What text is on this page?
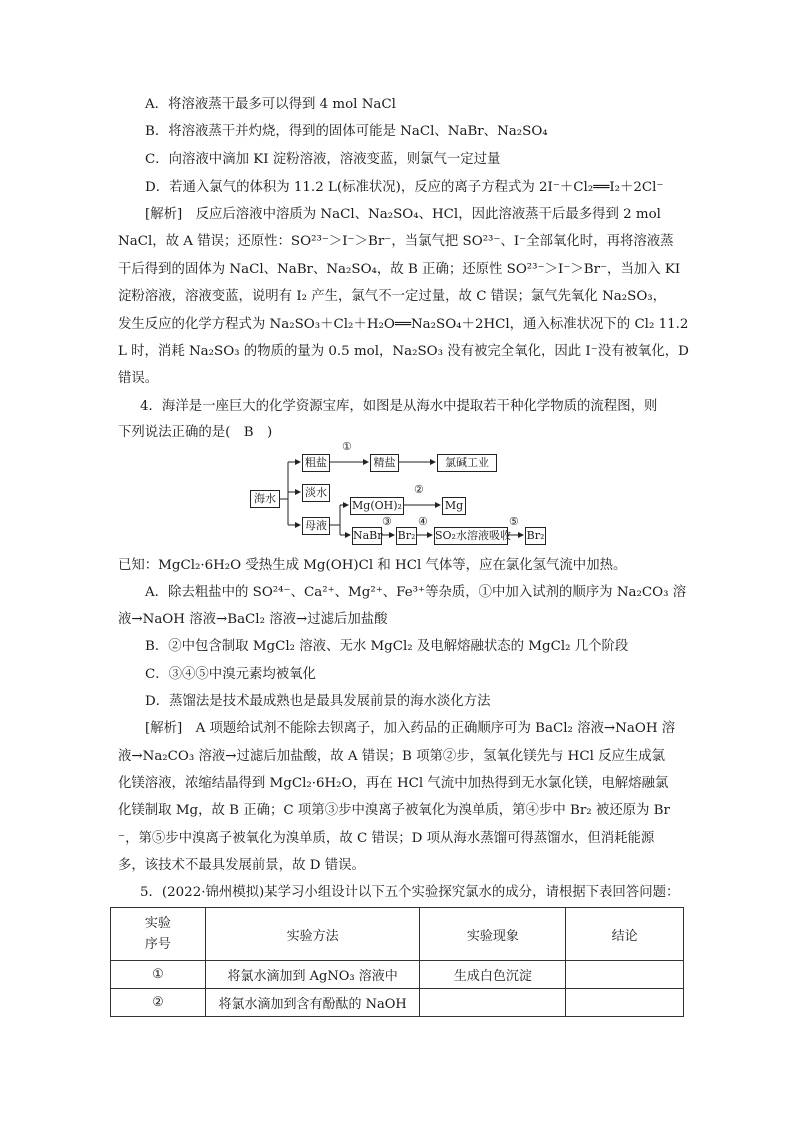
A．将溶液蒸干最多可以得到 4 mol NaCl
B．将溶液蒸干并灼烧，得到的固体可能是 NaCl、NaBr、Na₂SO₄
C．向溶液中滴加 KI 淀粉溶液，溶液变蓝，则氯气一定过量
D．若通入氯气的体积为 11.2 L(标准状况)，反应的离子方程式为 2I⁻＋Cl₂══I₂＋2Cl⁻
[解析]　反应后溶液中溶质为 NaCl、Na₂SO₄、HCl，因此溶液蒸干后最多得到 2 mol
NaCl，故 A 错误；还原性：SO²³⁻＞I⁻＞Br⁻，当氯气把 SO²³⁻、I⁻全部氧化时，再将溶液蒸
干后得到的固体为 NaCl、NaBr、Na₂SO₄，故 B 正确；还原性 SO²³⁻＞I⁻＞Br⁻，当加入 KI
淀粉溶液，溶液变蓝，说明有 I₂ 产生，氯气不一定过量，故 C 错误；氯气先氧化 Na₂SO₃，
发生反应的化学方程式为 Na₂SO₃＋Cl₂＋H₂O══Na₂SO₄＋2HCl，通入标准状况下的 Cl₂ 11.2
L 时，消耗 Na₂SO₃ 的物质的量为 0.5 mol，Na₂SO₃ 没有被完全氧化，因此 I⁻没有被氧化，D
错误。
4．海洋是一座巨大的化学资源宝库，如图是从海水中提取若干种化学物质的流程图，则
下列说法正确的是(　B　)
海水
粗盐	精盐	氯碱工业
淡水
母液
Mg(OH)₂	Mg
NaBr Br₂ SO₂水溶液吸收 Br₂
①
②
③ ④	⑤
已知：MgCl₂·6H₂O 受热生成 Mg(OH)Cl 和 HCl 气体等，应在氯化氢气流中加热。
A．除去粗盐中的 SO²⁴⁻、Ca²⁺、Mg²⁺、Fe³⁺等杂质，①中加入试剂的顺序为 Na₂CO₃ 溶
液→NaOH 溶液→BaCl₂ 溶液→过滤后加盐酸
B．②中包含制取 MgCl₂ 溶液、无水 MgCl₂ 及电解熔融状态的 MgCl₂ 几个阶段
C．③④⑤中溴元素均被氧化
D．蒸馏法是技术最成熟也是最具发展前景的海水淡化方法
[解析]　A 项题给试剂不能除去钡离子，加入药品的正确顺序可为 BaCl₂ 溶液→NaOH 溶
液→Na₂CO₃ 溶液→过滤后加盐酸，故 A 错误；B 项第②步，氢氧化镁先与 HCl 反应生成氯
化镁溶液，浓缩结晶得到 MgCl₂·6H₂O，再在 HCl 气流中加热得到无水氯化镁，电解熔融氯
化镁制取 Mg，故 B 正确；C 项第③步中溴离子被氧化为溴单质，第④步中 Br₂ 被还原为 Br
⁻，第⑤步中溴离子被氧化为溴单质，故 C 错误；D 项从海水蒸馏可得蒸馏水，但消耗能源
多，该技术不最具发展前景，故 D 错误。
5．(2022·锦州模拟)某学习小组设计以下五个实验探究氯水的成分，请根据下表回答问题：
实验
序号	实验方法	实验现象	结论
①	将氯水滴加到 AgNO₃ 溶液中	生成白色沉淀	
②	将氯水滴加到含有酚酞的 NaOH		
